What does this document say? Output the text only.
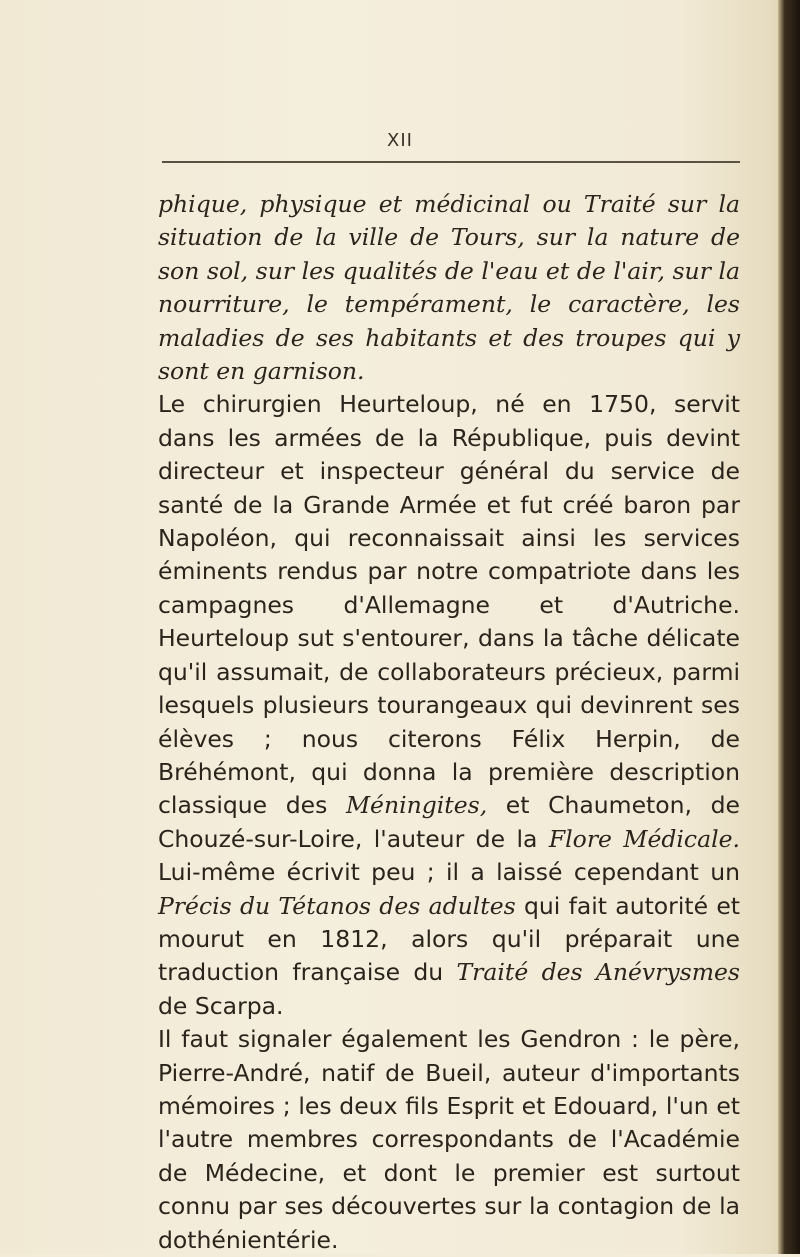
XII

phique, physique et médicinal ou Traité sur la situation de la ville de Tours, sur la nature de son sol, sur les qualités de l'eau et de l'air, sur la nourriture, le tempérament, le caractère, les maladies de ses habitants et des troupes qui y sont en garnison.

Le chirurgien Heurteloup, né en 1750, servit dans les armées de la République, puis devint directeur et inspecteur général du service de santé de la Grande Armée et fut créé baron par Napoléon, qui reconnaissait ainsi les services éminents rendus par notre compatriote dans les campagnes d'Allemagne et d'Autriche. Heurteloup sut s'entourer, dans la tâche délicate qu'il assumait, de collaborateurs précieux, parmi lesquels plusieurs tourangeaux qui devinrent ses élèves ; nous citerons Félix Herpin, de Bréhémont, qui donna la première description classique des Méningites, et Chaumeton, de Chouzé-sur-Loire, l'auteur de la Flore Médicale. Lui-même écrivit peu ; il a laissé cependant un Précis du Tétanos des adultes qui fait autorité et mourut en 1812, alors qu'il préparait une traduction française du Traité des Anévrysmes de Scarpa.

Il faut signaler également les Gendron : le père, Pierre-André, natif de Bueil, auteur d'importants mémoires ; les deux fils Esprit et Edouard, l'un et l'autre membres correspondants de l'Académie de Médecine, et dont le premier est surtout connu par ses découvertes sur la contagion de la dothénientérie.
